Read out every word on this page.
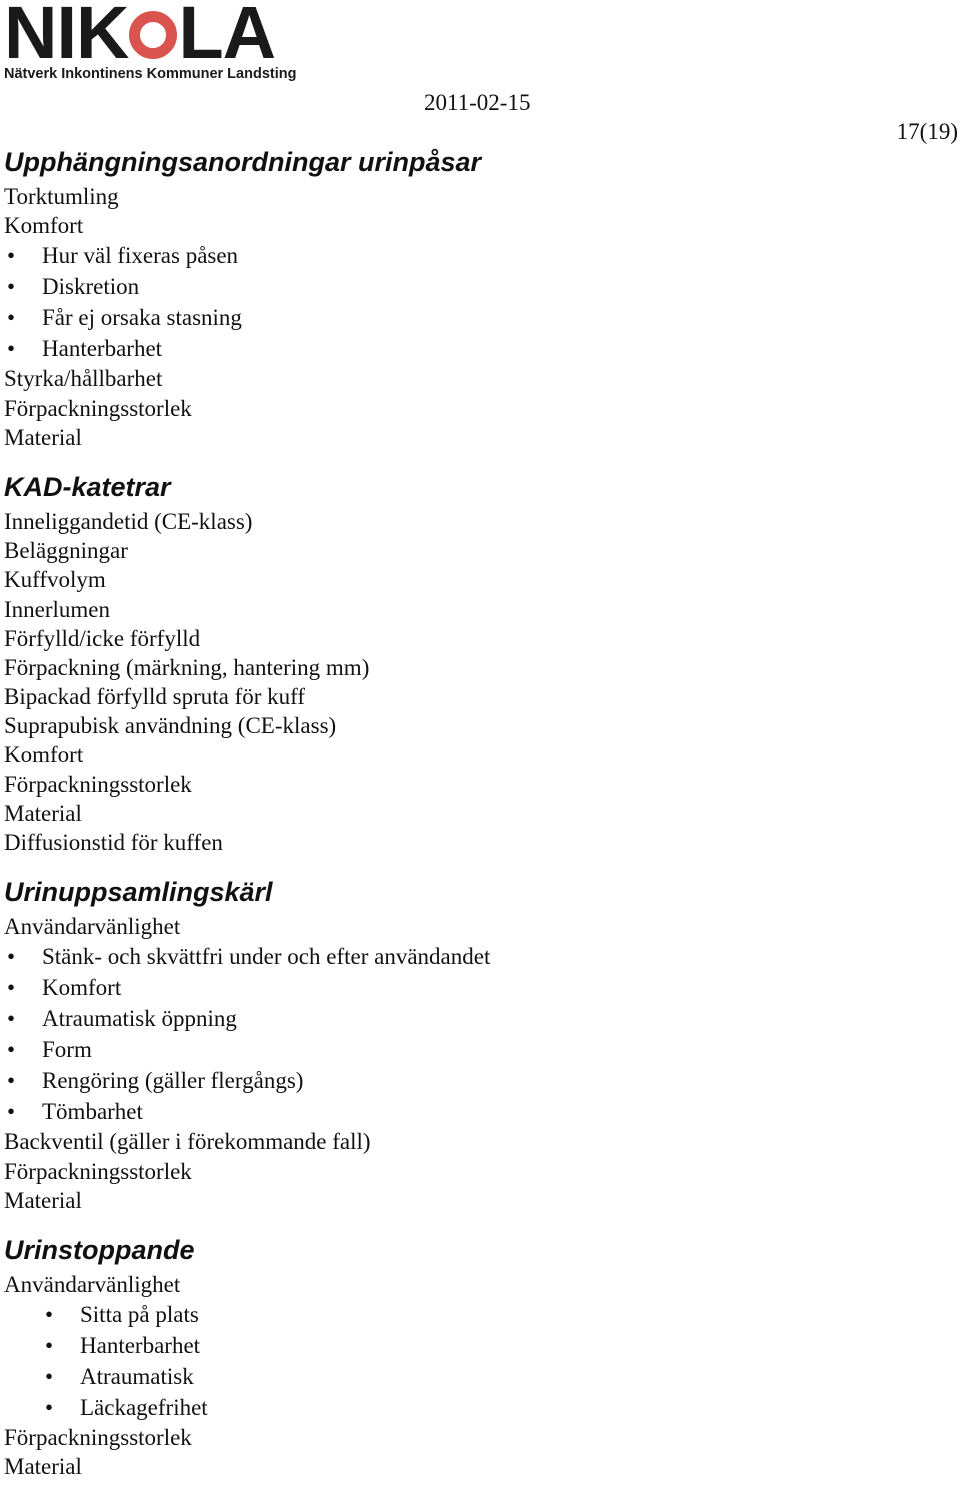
NIK LA
Nätverk Inkontinens Kommuner Landsting
2011-02-15
17(19)
Upphängningsanordningar urinpåsar
Torktumling
Komfort
• Hur väl fixeras påsen
• Diskretion
• Får ej orsaka stasning
• Hanterbarhet
Styrka/hållbarhet
Förpackningsstorlek
Material
KAD-katetrar
Inneliggandetid (CE-klass)
Beläggningar
Kuffvolym
Innerlumen
Förfylld/icke förfylld
Förpackning (märkning, hantering mm)
Bipackad förfylld spruta för kuff
Suprapubisk användning (CE-klass)
Komfort
Förpackningsstorlek
Material
Diffusionstid för kuffen
Urinuppsamlingskärl
Användarvänlighet
• Stänk- och skvättfri under och efter användandet
• Komfort
• Atraumatisk öppning
• Form
• Rengöring (gäller flergångs)
• Tömbarhet
Backventil (gäller i förekommande fall)
Förpackningsstorlek
Material
Urinstoppande
Användarvänlighet
• Sitta på plats
• Hanterbarhet
• Atraumatisk
• Läckagefrihet
Förpackningsstorlek
Material
